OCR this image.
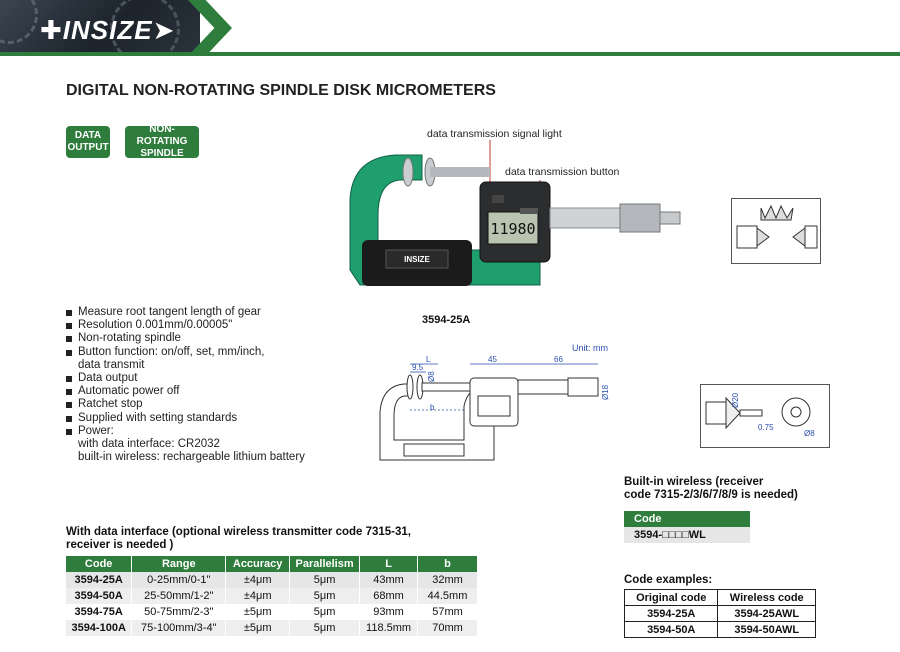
✚INSIZE➤
DIGITAL NON-ROTATING SPINDLE DISK MICROMETERS
DATA
OUTPUT
NON-ROTATING
SPINDLE
INSIZE
11980
data transmission signal light
data transmission button
3594-25A
Measure root tangent length of gear
Resolution 0.001mm/0.00005"
Non-rotating spindle
Button function: on/off, set, mm/inch,
data transmit
Data output
Automatic power off
Ratchet stop
Supplied with setting standards
Power:
with data interface: CR2032
built-in wireless: rechargeable lithium battery
Unit: mm
L
9.5
45	66
Ø8
Ø18
b	Ø20
0.75
Ø8
Built-in wireless (receiver
code 7315-2/3/6/7/8/9 is needed)
Code
3594-□□□□WL
With data interface (optional wireless transmitter code 7315-31,
receiver is needed )
Code	Range	Accuracy	Parallelism	L	b
3594-25A	0-25mm/0-1"	±4μm	5μm	43mm	32mm
3594-50A	25-50mm/1-2"	±4μm	5μm	68mm	44.5mm
3594-75A	50-75mm/2-3"	±5μm	5μm	93mm	57mm
3594-100A	75-100mm/3-4"	±5μm	5μm	118.5mm	70mm
Code examples:
Original code	Wireless code
3594-25A	3594-25AWL
3594-50A	3594-50AWL
